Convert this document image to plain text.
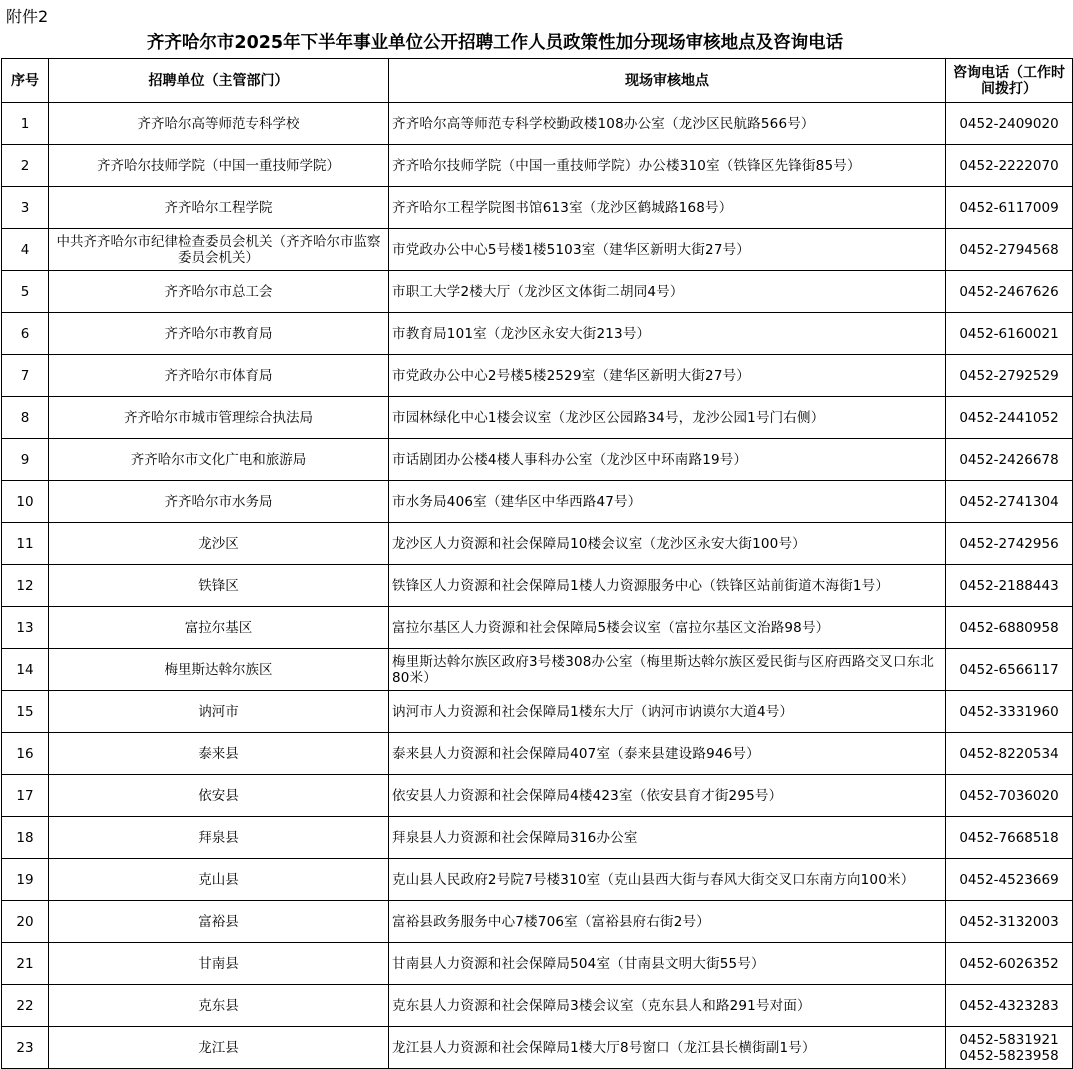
附件2
齐齐哈尔市2025年下半年事业单位公开招聘工作人员政策性加分现场审核地点及咨询电话
序号	招聘单位（主管部门）	现场审核地点	咨询电话（工作时间拨打）
1	齐齐哈尔高等师范专科学校	齐齐哈尔高等师范专科学校勤政楼108办公室（龙沙区民航路566号）	0452-2409020
2	齐齐哈尔技师学院（中国一重技师学院）	齐齐哈尔技师学院（中国一重技师学院）办公楼310室（铁锋区先锋街85号）	0452-2222070
3	齐齐哈尔工程学院	齐齐哈尔工程学院图书馆613室（龙沙区鹤城路168号）	0452-6117009
4	中共齐齐哈尔市纪律检查委员会机关（齐齐哈尔市监察委员会机关）	市党政办公中心5号楼1楼5103室（建华区新明大街27号）	0452-2794568
5	齐齐哈尔市总工会	市职工大学2楼大厅（龙沙区文体街二胡同4号）	0452-2467626
6	齐齐哈尔市教育局	市教育局101室（龙沙区永安大街213号）	0452-6160021
7	齐齐哈尔市体育局	市党政办公中心2号楼5楼2529室（建华区新明大街27号）	0452-2792529
8	齐齐哈尔市城市管理综合执法局	市园林绿化中心1楼会议室（龙沙区公园路34号，龙沙公园1号门右侧）	0452-2441052
9	齐齐哈尔市文化广电和旅游局	市话剧团办公楼4楼人事科办公室（龙沙区中环南路19号）	0452-2426678
10	齐齐哈尔市水务局	市水务局406室（建华区中华西路47号）	0452-2741304
11	龙沙区	龙沙区人力资源和社会保障局10楼会议室（龙沙区永安大街100号）	0452-2742956
12	铁锋区	铁锋区人力资源和社会保障局1楼人力资源服务中心（铁锋区站前街道木海街1号）	0452-2188443
13	富拉尔基区	富拉尔基区人力资源和社会保障局5楼会议室（富拉尔基区文治路98号）	0452-6880958
14	梅里斯达斡尔族区	梅里斯达斡尔族区政府3号楼308办公室（梅里斯达斡尔族区爱民街与区府西路交叉口东北80米）	0452-6566117
15	讷河市	讷河市人力资源和社会保障局1楼东大厅（讷河市讷谟尔大道4号）	0452-3331960
16	泰来县	泰来县人力资源和社会保障局407室（泰来县建设路946号）	0452-8220534
17	依安县	依安县人力资源和社会保障局4楼423室（依安县育才街295号）	0452-7036020
18	拜泉县	拜泉县人力资源和社会保障局316办公室	0452-7668518
19	克山县	克山县人民政府2号院7号楼310室（克山县西大街与春风大街交叉口东南方向100米）	0452-4523669
20	富裕县	富裕县政务服务中心7楼706室（富裕县府右街2号）	0452-3132003
21	甘南县	甘南县人力资源和社会保障局504室（甘南县文明大街55号）	0452-6026352
22	克东县	克东县人力资源和社会保障局3楼会议室（克东县人和路291号对面）	0452-4323283
23	龙江县	龙江县人力资源和社会保障局1楼大厅8号窗口（龙江县长横街副1号）	0452-5831921
0452-5823958
